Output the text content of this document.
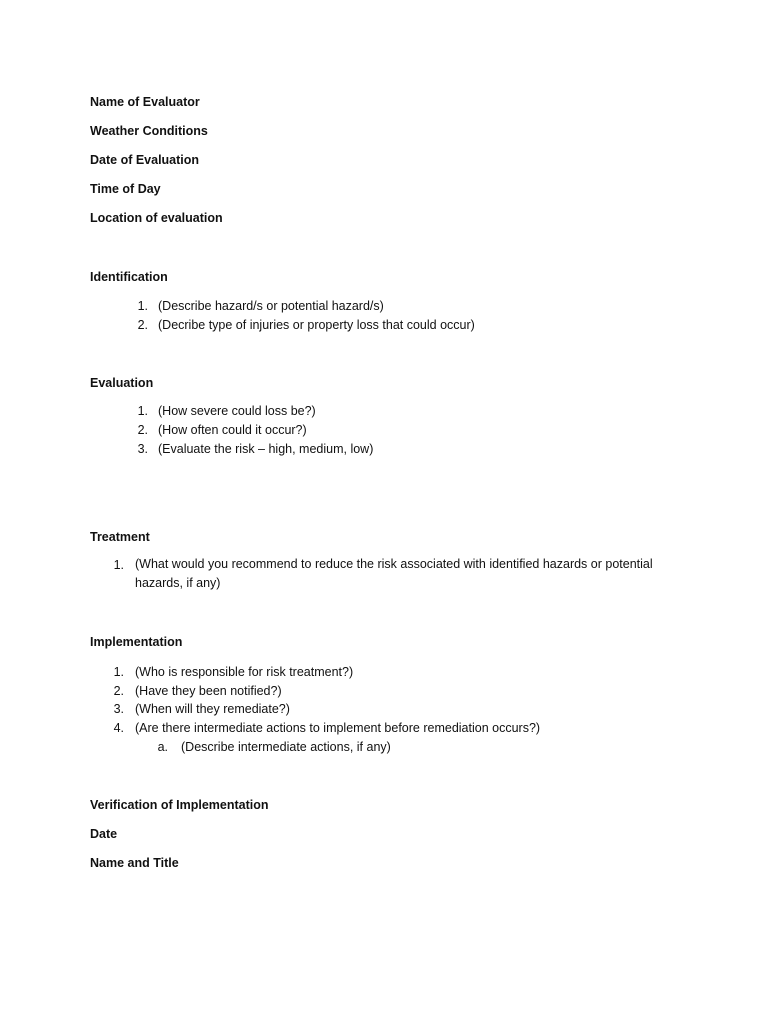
Name of Evaluator
Weather Conditions
Date of Evaluation
Time of Day
Location of evaluation
Identification
1. (Describe hazard/s or potential hazard/s)
2. (Decribe type of injuries or property loss that could occur)
Evaluation
1. (How severe could loss be?)
2. (How often could it occur?)
3. (Evaluate the risk – high, medium, low)
Treatment
1. (What would you recommend to reduce the risk associated with identified hazards or potential hazards, if any)
Implementation
1. (Who is responsible for risk treatment?)
2. (Have they been notified?)
3. (When will they remediate?)
4. (Are there intermediate actions to implement before remediation occurs?)
a. (Describe intermediate actions, if any)
Verification of Implementation
Date
Name and Title
